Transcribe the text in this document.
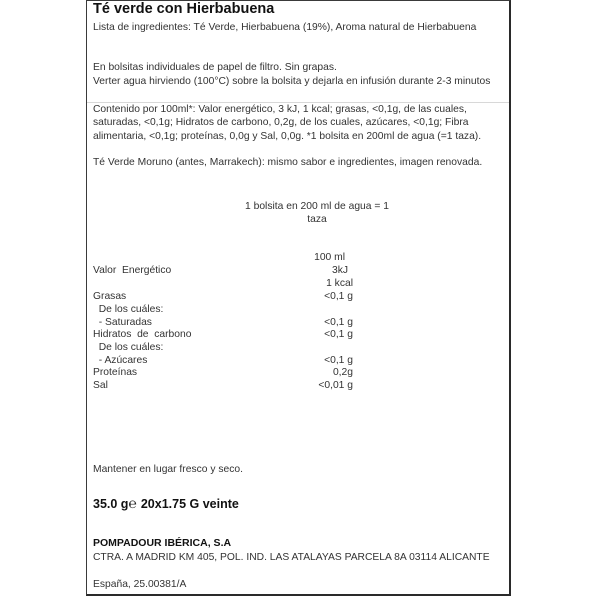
Té verde con Hierbabuena
Lista de ingredientes: Té Verde, Hierbabuena (19%), Aroma natural de Hierbabuena
En bolsitas individuales de papel de filtro. Sin grapas.
Verter agua hirviendo (100°C) sobre la bolsita y dejarla en infusión durante 2-3 minutos
Contenido por 100ml*: Valor energético, 3 kJ, 1 kcal; grasas, <0,1g, de las cuales, saturadas, <0,1g; Hidratos de carbono, 0,2g, de los cuales, azúcares, <0,1g; Fibra alimentaria, <0,1g; proteínas, 0,0g y Sal, 0,0g. *1 bolsita en 200ml de agua (=1 taza).
Té Verde Moruno (antes, Marrakech): mismo sabor e ingredientes, imagen renovada.
1 bolsita en 200 ml de agua = 1 taza
100 ml
Valor  Energético	3kJ
1 kcal
Grasas	<0,1 g
De los cuáles:
- Saturadas	<0,1 g
Hidratos  de  carbono	<0,1 g
De los cuáles:
- Azúcares	<0,1 g
Proteínas	0,2g
Sal	<0,01 g
Mantener en lugar fresco y seco.
35.0 g℮ 20x1.75 G veinte
POMPADOUR IBÉRICA, S.A
CTRA. A MADRID KM 405, POL. IND. LAS ATALAYAS PARCELA 8A 03114 ALICANTE
España, 25.00381/A
